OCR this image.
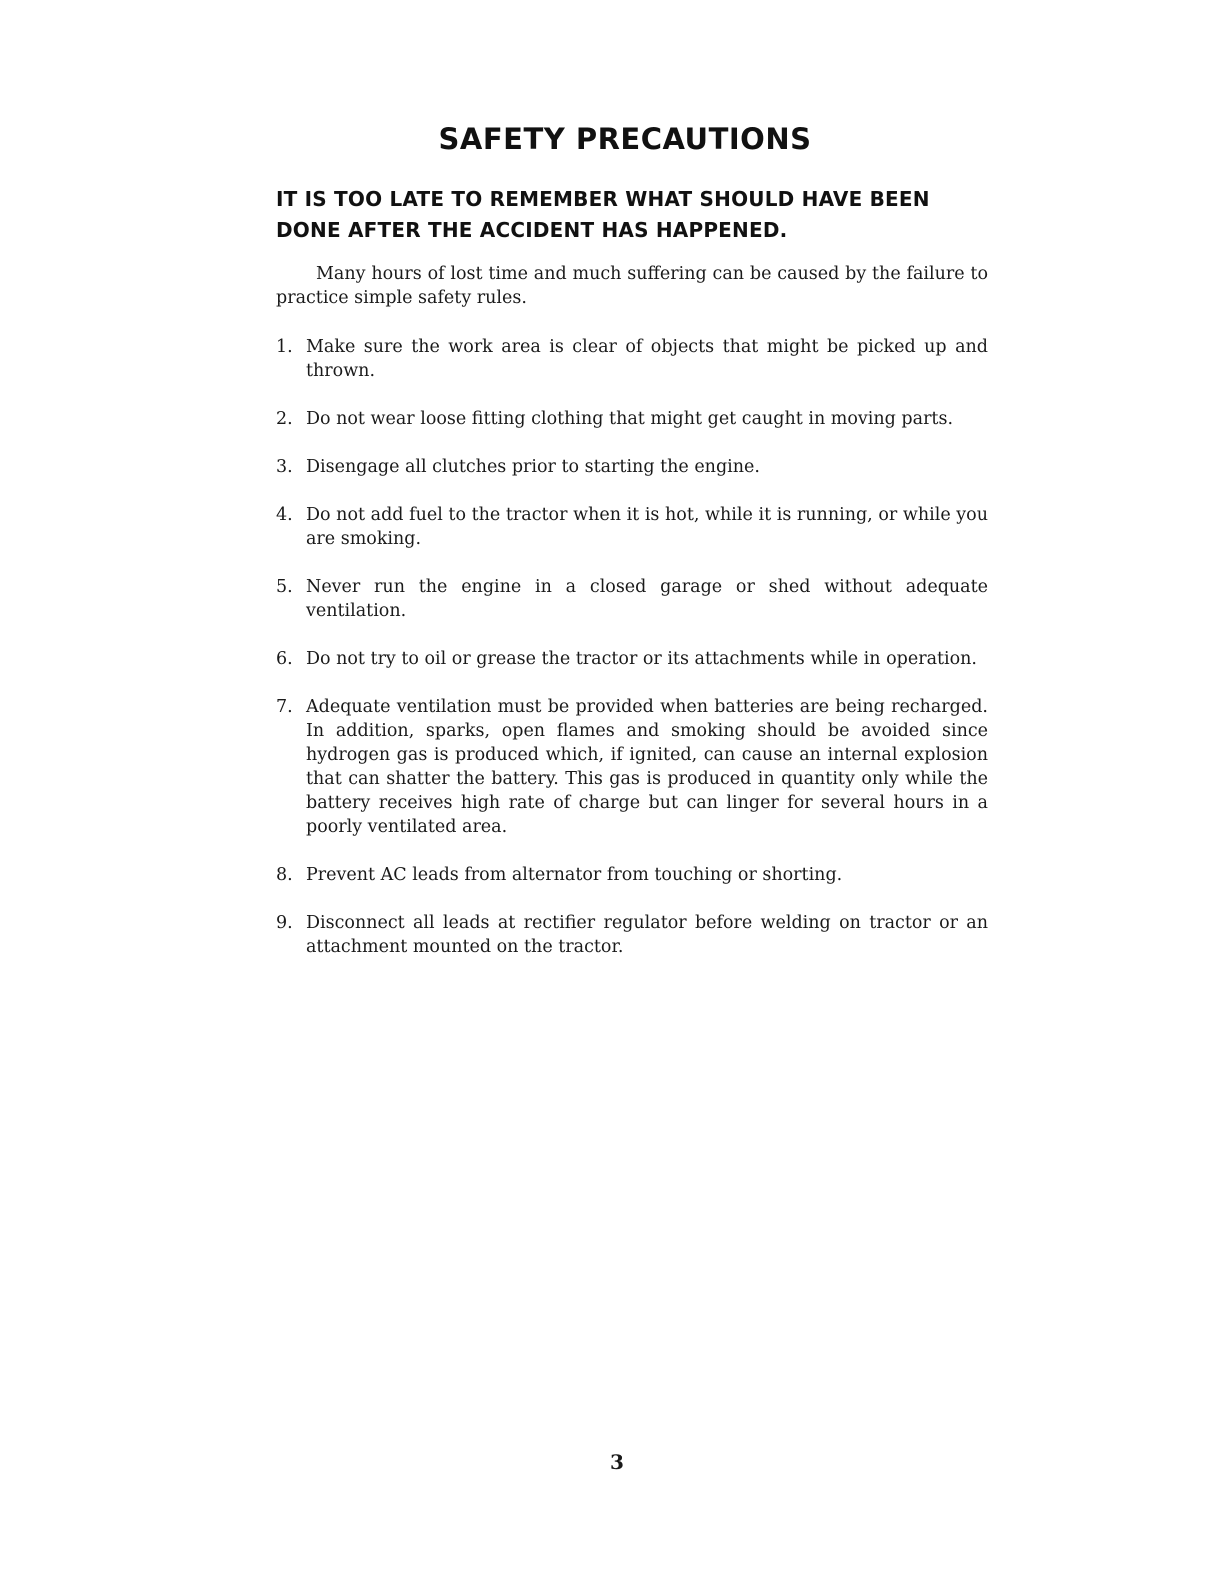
SAFETY PRECAUTIONS
IT IS TOO LATE TO REMEMBER WHAT SHOULD HAVE BEEN
DONE AFTER THE ACCIDENT HAS HAPPENED.

Many hours of lost time and much suffering can be caused by the failure to practice simple safety rules.

1. Make sure the work area is clear of objects that might be picked up and thrown.
2. Do not wear loose fitting clothing that might get caught in moving parts.
3. Disengage all clutches prior to starting the engine.
4. Do not add fuel to the tractor when it is hot, while it is running, or while you are smoking.
5. Never run the engine in a closed garage or shed without adequate ventilation.
6. Do not try to oil or grease the tractor or its attachments while in operation.
7. Adequate ventilation must be provided when batteries are being recharged. In addition, sparks, open flames and smoking should be avoided since hydrogen gas is produced which, if ignited, can cause an internal explosion that can shatter the battery. This gas is produced in quantity only while the battery receives high rate of charge but can linger for several hours in a poorly ventilated area.
8. Prevent AC leads from alternator from touching or shorting.
9. Disconnect all leads at rectifier regulator before welding on tractor or an attachment mounted on the tractor.
3
